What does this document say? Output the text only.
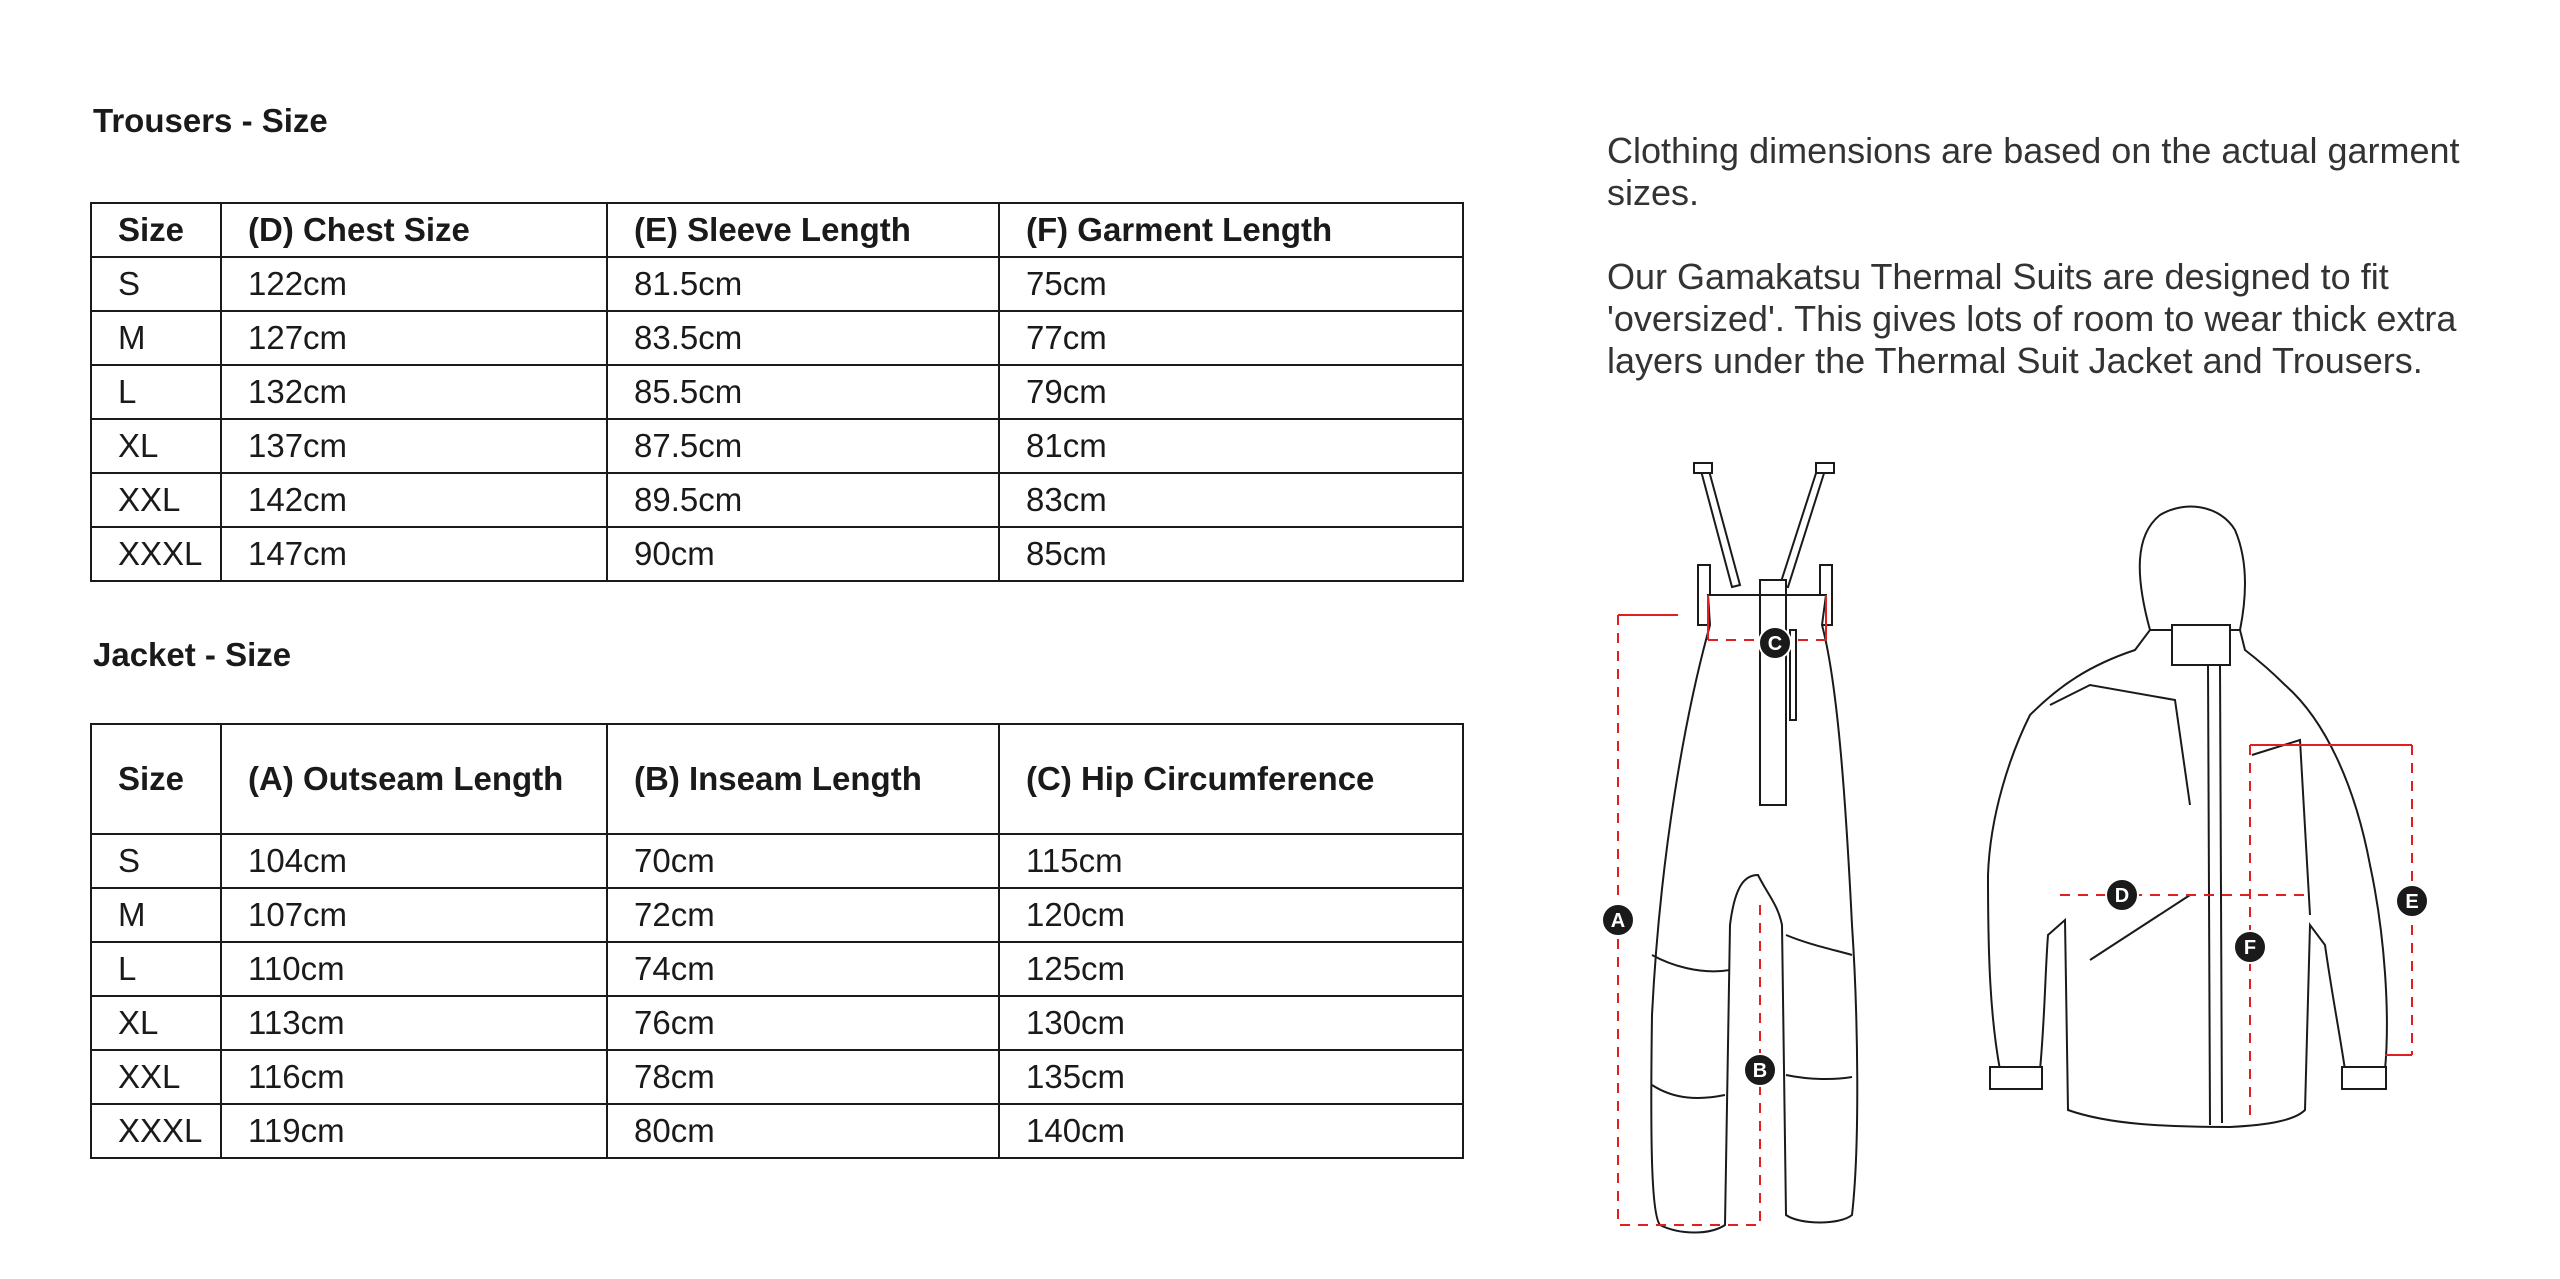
Trousers - Size
Size	(D) Chest Size	(E) Sleeve Length	(F) Garment Length
S	122cm	81.5cm	75cm
M	127cm	83.5cm	77cm
L	132cm	85.5cm	79cm
XL	137cm	87.5cm	81cm
XXL	142cm	89.5cm	83cm
XXXL	147cm	90cm	85cm
Jacket - Size
Size	(A) Outseam Length	(B) Inseam Length	(C) Hip Circumference
S	104cm	70cm	115cm
M	107cm	72cm	120cm
L	110cm	74cm	125cm
XL	113cm	76cm	130cm
XXL	116cm	78cm	135cm
XXXL	119cm	80cm	140cm

Clothing dimensions are based on the actual garment sizes.

Our Gamakatsu Thermal Suits are designed to fit 'oversized'. This gives lots of room to wear thick extra layers under the Thermal Suit Jacket and Trousers.

A
B
C
D	E
F
